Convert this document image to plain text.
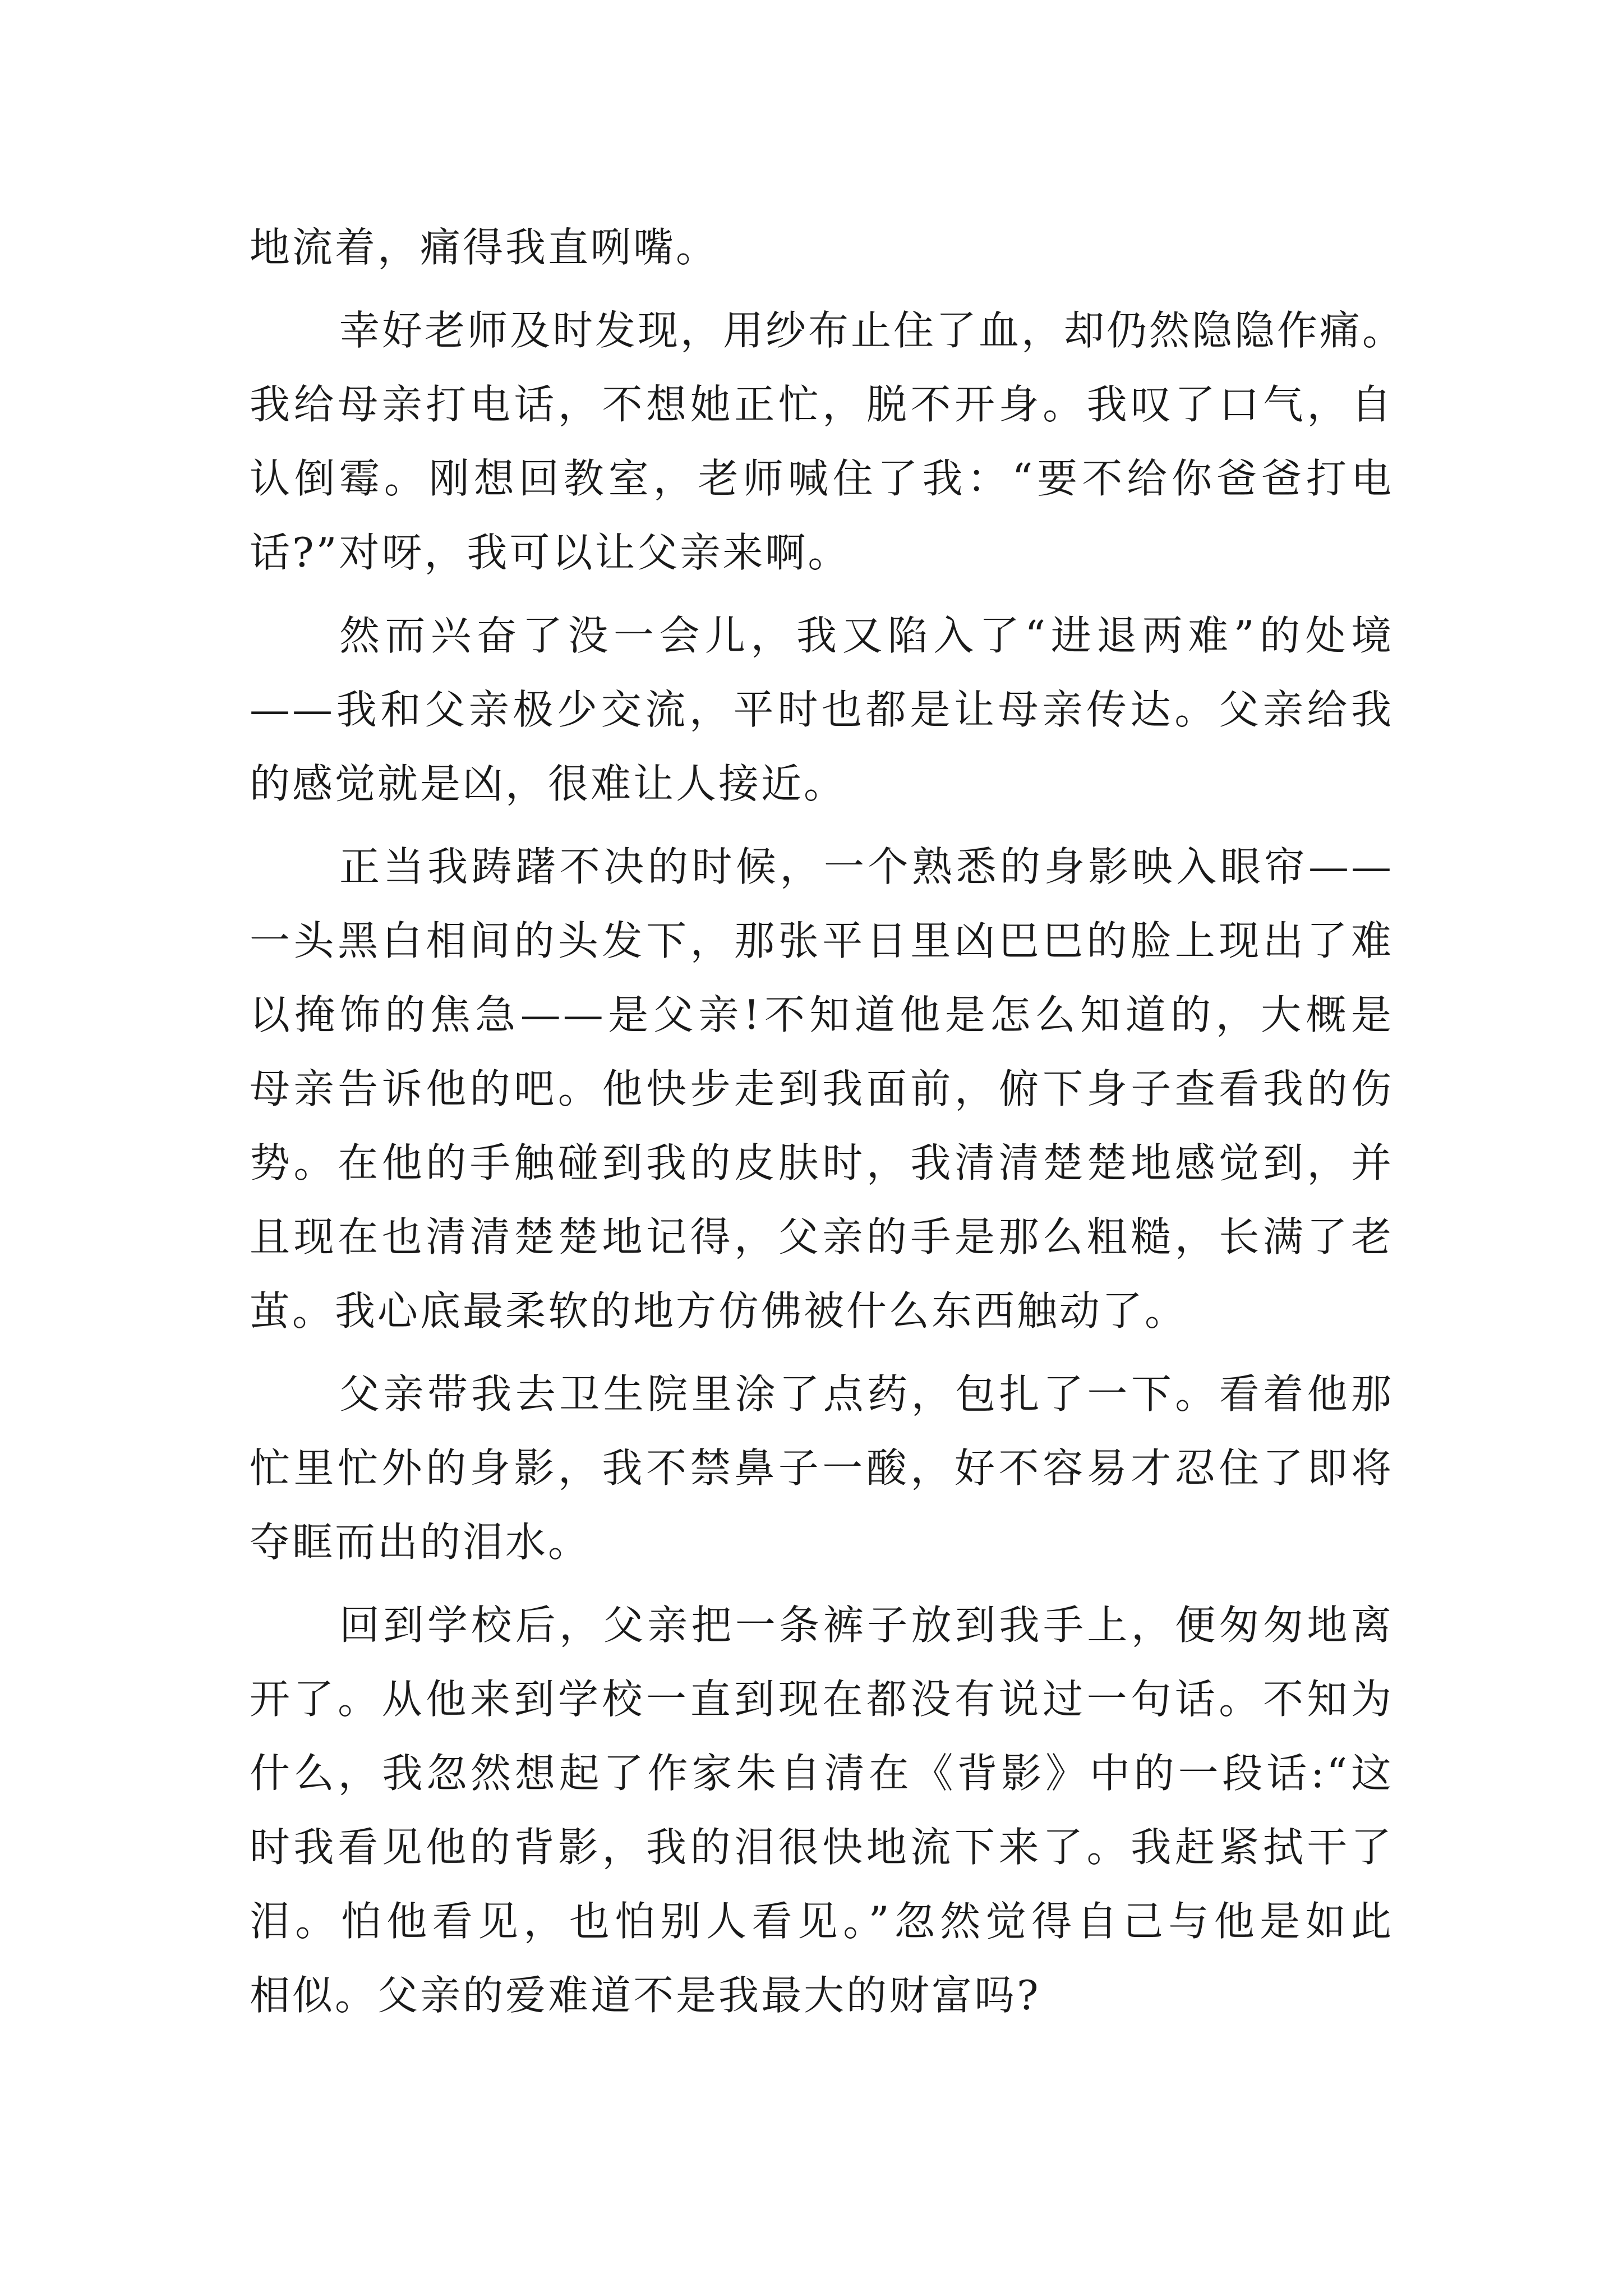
地流着，痛得我直咧嘴。
幸好老师及时发现，用纱布止住了血，却仍然隐隐作痛。
我给母亲打电话，不想她正忙，脱不开身。我叹了口气，自
认倒霉。刚想回教室，老师喊住了我：“要不给你爸爸打电
话?”对呀，我可以让父亲来啊。
然而兴奋了没一会儿，我又陷入了“进退两难”的处境
——我和父亲极少交流，平时也都是让母亲传达。父亲给我
的感觉就是凶，很难让人接近。
正当我踌躇不决的时候，一个熟悉的身影映入眼帘——
一头黑白相间的头发下，那张平日里凶巴巴的脸上现出了难
以掩饰的焦急——是父亲!不知道他是怎么知道的，大概是
母亲告诉他的吧。他快步走到我面前，俯下身子查看我的伤
势。在他的手触碰到我的皮肤时，我清清楚楚地感觉到，并
且现在也清清楚楚地记得，父亲的手是那么粗糙，长满了老
茧。我心底最柔软的地方仿佛被什么东西触动了。
父亲带我去卫生院里涂了点药，包扎了一下。看着他那
忙里忙外的身影，我不禁鼻子一酸，好不容易才忍住了即将
夺眶而出的泪水。
回到学校后，父亲把一条裤子放到我手上，便匆匆地离
开了。从他来到学校一直到现在都没有说过一句话。不知为
什么，我忽然想起了作家朱自清在《背影》中的一段话:“这
时我看见他的背影，我的泪很快地流下来了。我赶紧拭干了
泪。怕他看见，也怕别人看见。”忽然觉得自己与他是如此
相似。父亲的爱难道不是我最大的财富吗?
